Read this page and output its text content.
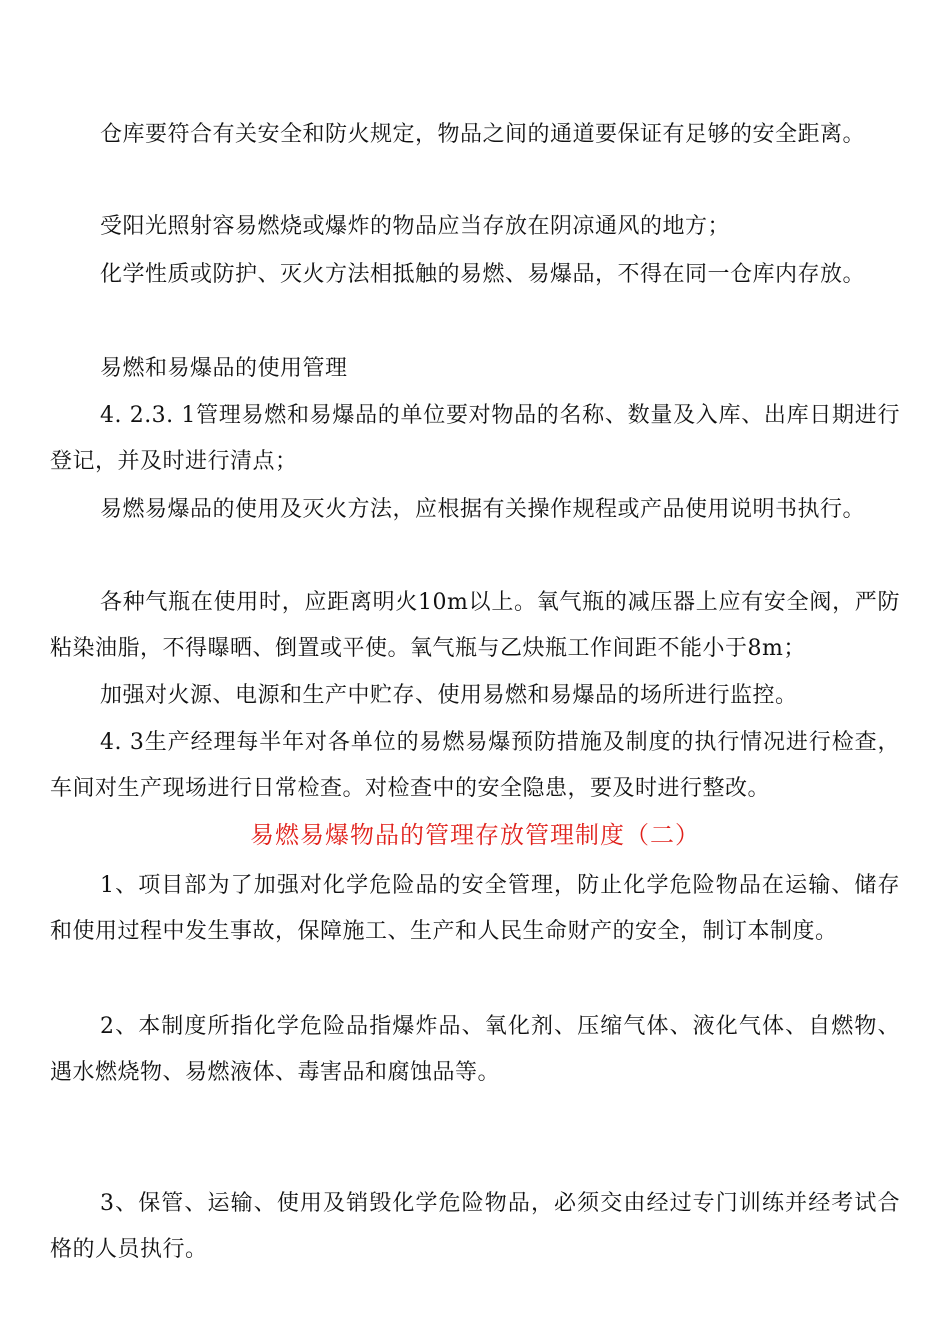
仓库要符合有关安全和防火规定，物品之间的通道要保证有足够的安全距离。

受阳光照射容易燃烧或爆炸的物品应当存放在阴凉通风的地方；

化学性质或防护、灭火方法相抵触的易燃、易爆品，不得在同一仓库内存放。

易燃和易爆品的使用管理

4. 2.3. 1管理易燃和易爆品的单位要对物品的名称、数量及入库、出库日期进行登记，并及时进行清点；

易燃易爆品的使用及灭火方法，应根据有关操作规程或产品使用说明书执行。

各种气瓶在使用时，应距离明火10m以上。氧气瓶的减压器上应有安全阀，严防粘染油脂，不得曝晒、倒置或平使。氧气瓶与乙炔瓶工作间距不能小于8m；

加强对火源、电源和生产中贮存、使用易燃和易爆品的场所进行监控。

4. 3生产经理每半年对各单位的易燃易爆预防措施及制度的执行情况进行检查，车间对生产现场进行日常检查。对检查中的安全隐患，要及时进行整改。

易燃易爆物品的管理存放管理制度（二）

1、项目部为了加强对化学危险品的安全管理，防止化学危险物品在运输、储存和使用过程中发生事故，保障施工、生产和人民生命财产的安全，制订本制度。

2、本制度所指化学危险品指爆炸品、氧化剂、压缩气体、液化气体、自燃物、遇水燃烧物、易燃液体、毒害品和腐蚀品等。

3、保管、运输、使用及销毁化学危险物品，必须交由经过专门训练并经考试合格的人员执行。
